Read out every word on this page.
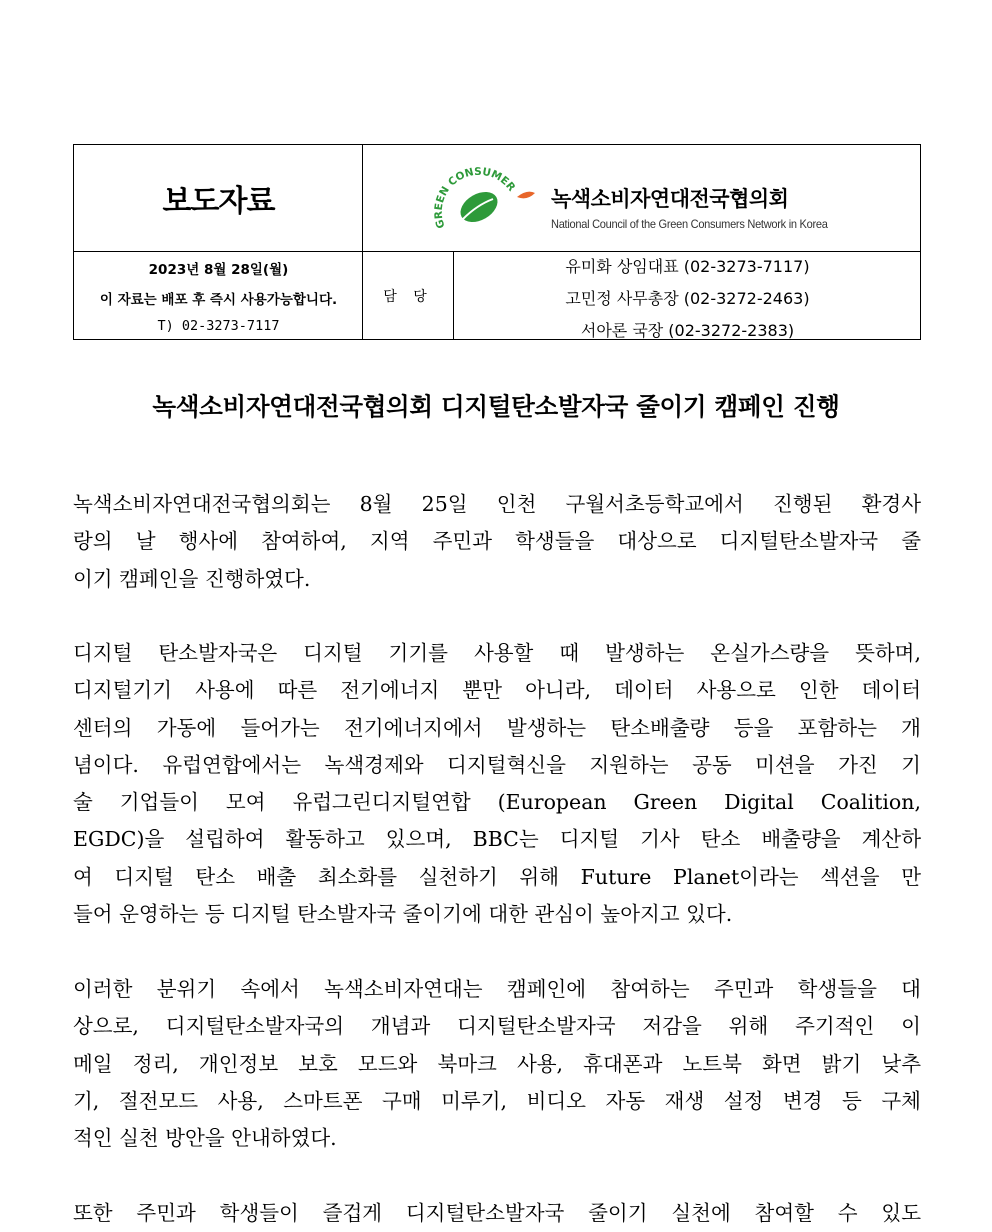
보도자료
GREEN CONSUMER
녹색소비자연대전국협의회
National Council of the Green Consumers Network in Korea
2023년 8월 28일(월)
이 자료는 배포 후 즉시 사용가능합니다.
T) 02-3273-7117
담 당
유미화 상임대표 (02-3273-7117)
고민정 사무총장 (02-3272-2463)
서아론 국장 (02-3272-2383)
녹색소비자연대전국협의회 디지털탄소발자국 줄이기 캠페인 진행
녹색소비자연대전국협의회는 8월 25일 인천 구월서초등학교에서 진행된 환경사
랑의 날 행사에 참여하여, 지역 주민과 학생들을 대상으로 디지털탄소발자국 줄
이기 캠페인을 진행하였다.
디지털 탄소발자국은 디지털 기기를 사용할 때 발생하는 온실가스량을 뜻하며,
디지털기기 사용에 따른 전기에너지 뿐만 아니라, 데이터 사용으로 인한 데이터
센터의 가동에 들어가는 전기에너지에서 발생하는 탄소배출량 등을 포함하는 개
념이다. 유럽연합에서는 녹색경제와 디지털혁신을 지원하는 공동 미션을 가진 기
술 기업들이 모여 유럽그린디지털연합 (European Green Digital Coalition,
EGDC)을 설립하여 활동하고 있으며, BBC는 디지털 기사 탄소 배출량을 계산하
여 디지털 탄소 배출 최소화를 실천하기 위해 Future Planet이라는 섹션을 만
들어 운영하는 등 디지털 탄소발자국 줄이기에 대한 관심이 높아지고 있다.
이러한 분위기 속에서 녹색소비자연대는 캠페인에 참여하는 주민과 학생들을 대
상으로, 디지털탄소발자국의 개념과 디지털탄소발자국 저감을 위해 주기적인 이
메일 정리, 개인정보 보호 모드와 북마크 사용, 휴대폰과 노트북 화면 밝기 낮추
기, 절전모드 사용, 스마트폰 구매 미루기, 비디오 자동 재생 설정 변경 등 구체
적인 실천 방안을 안내하였다.
또한 주민과 학생들이 즐겁게 디지털탄소발자국 줄이기 실천에 참여할 수 있도
